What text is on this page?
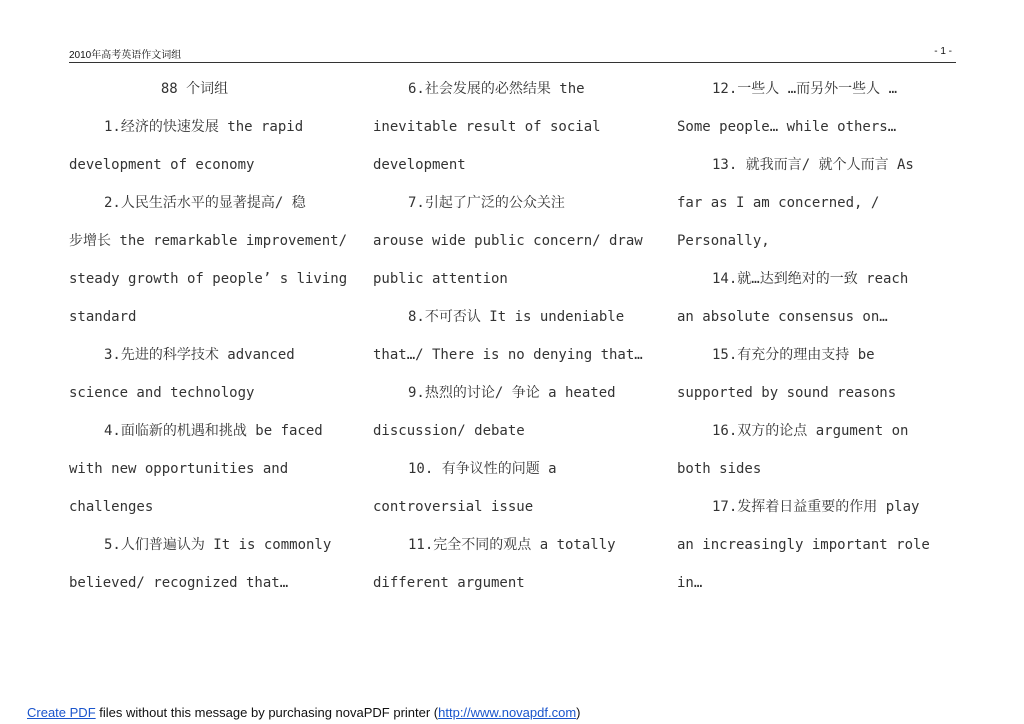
2010年高考英语作文词组	- 1 -
88 个词组
1.经济的快速发展 the rapid
development of economy
2.人民生活水平的显著提高/ 稳
步增长 the remarkable improvement/
steady growth of people’ s living
standard
3.先进的科学技术 advanced
science and technology
4.面临新的机遇和挑战 be faced
with new opportunities and
challenges
5.人们普遍认为 It is commonly
believed/ recognized that…
6.社会发展的必然结果 the
inevitable result of social
development
7.引起了广泛的公众关注
arouse wide public concern/ draw
public attention
8.不可否认 It is undeniable
that…/ There is no denying that…
9.热烈的讨论/ 争论 a heated
discussion/ debate
10. 有争议性的问题 a
controversial issue
11.完全不同的观点 a totally
different argument
12.一些人 …而另外一些人 …
Some people… while others…
13. 就我而言/ 就个人而言 As
far as I am concerned, /
Personally,
14.就…达到绝对的一致 reach
an absolute consensus on…
15.有充分的理由支持 be
supported by sound reasons
16.双方的论点 argument on
both sides
17.发挥着日益重要的作用 play
an increasingly important role
in…
Create PDF files without this message by purchasing novaPDF printer (http://www.novapdf.com)
